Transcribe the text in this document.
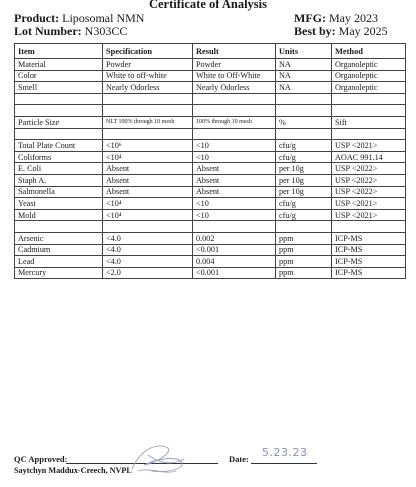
Certificate of Analysis
Product: Liposomal NMN
Lot Number: N303CC
MFG: May 2023
Best by: May 2025
Item	Specification	Result	Units	Method
Material	Powder	Powder	NA	Organoleptic
Color	White to off-white	White to Off-White	NA	Organoleptic
Smell	Nearly Odorless	Nearly Odorless	NA	Organoleptic

Particle Size	NLT 100% through 10 mesh	100% through 10 mesh	%	Sift

Total Plate Count	<10⁶	<10	cfu/g	USP <2021>
Coliforms	<10⁴	<10	cfu/g	AOAC 991.14
E. Coli	Absent	Absent	per 10g	USP <2022>
Staph A.	Absent	Absent	per 10g	USP <2022>
Salmonella	Absent	Absent	per 10g	USP <2022>
Yeast	<10⁴	<10	cfu/g	USP <2021>
Mold	<10⁴	<10	cfu/g	USP <2021>

Arsenic	<4.0	0.002	ppm	ICP-MS
Cadmium	<4.0	<0.001	ppm	ICP-MS
Lead	<4.0	0.004	ppm	ICP-MS
Mercury	<2.0	<0.001	ppm	ICP-MS
QC Approved:	Date: 5.23.23
Saytchyn Maddux-Creech, NVPL
